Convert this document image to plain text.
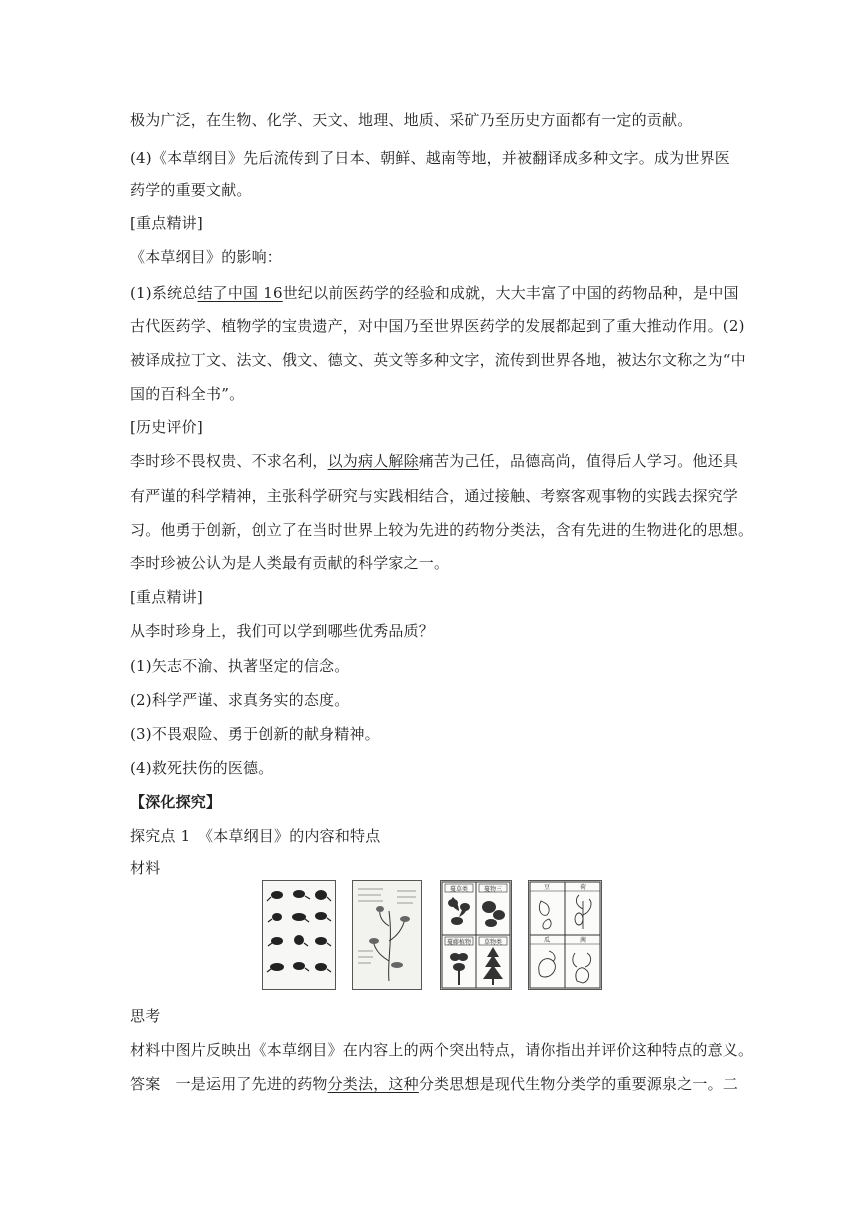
极为广泛，在生物、化学、天文、地理、地质、采矿乃至历史方面都有一定的贡献。
(4)《本草纲目》先后流传到了日本、朝鲜、越南等地，并被翻译成多种文字。成为世界医
药学的重要文献。
[重点精讲]
《本草纲目》的影响：
(1)系统总结了中国 16世纪以前医药学的经验和成就，大大丰富了中国的药物品种，是中国
古代医药学、植物学的宝贵遗产，对中国乃至世界医药学的发展都起到了重大推动作用。(2)
被译成拉丁文、法文、俄文、德文、英文等多种文字，流传到世界各地，被达尔文称之为“中
国的百科全书”。
[历史评价]
李时珍不畏权贵、不求名利，以为病人解除痛苦为己任，品德高尚，值得后人学习。他还具
有严谨的科学精神，主张科学研究与实践相结合，通过接触、考察客观事物的实践去探究学
习。他勇于创新，创立了在当时世界上较为先进的药物分类法，含有先进的生物进化的思想。
李时珍被公认为是人类最有贡献的科学家之一。
[重点精讲]
从李时珍身上，我们可以学到哪些优秀品质？
(1)矢志不渝、执著坚定的信念。
(2)科学严谨、求真务实的态度。
(3)不畏艰险、勇于创新的献身精神。
(4)救死扶伤的医德。
【深化探究】
探究点 1　《本草纲目》的内容和特点
材料
思考
材料中图片反映出《本草纲目》在内容上的两个突出特点，请你指出并评价这种特点的意义。
答案　一是运用了先进的药物分类法，这种分类思想是现代生物分类学的重要源泉之一。二
蔓草类	蔓物三
蔓藤植物 草物类
豆	荷
瓜	茜
